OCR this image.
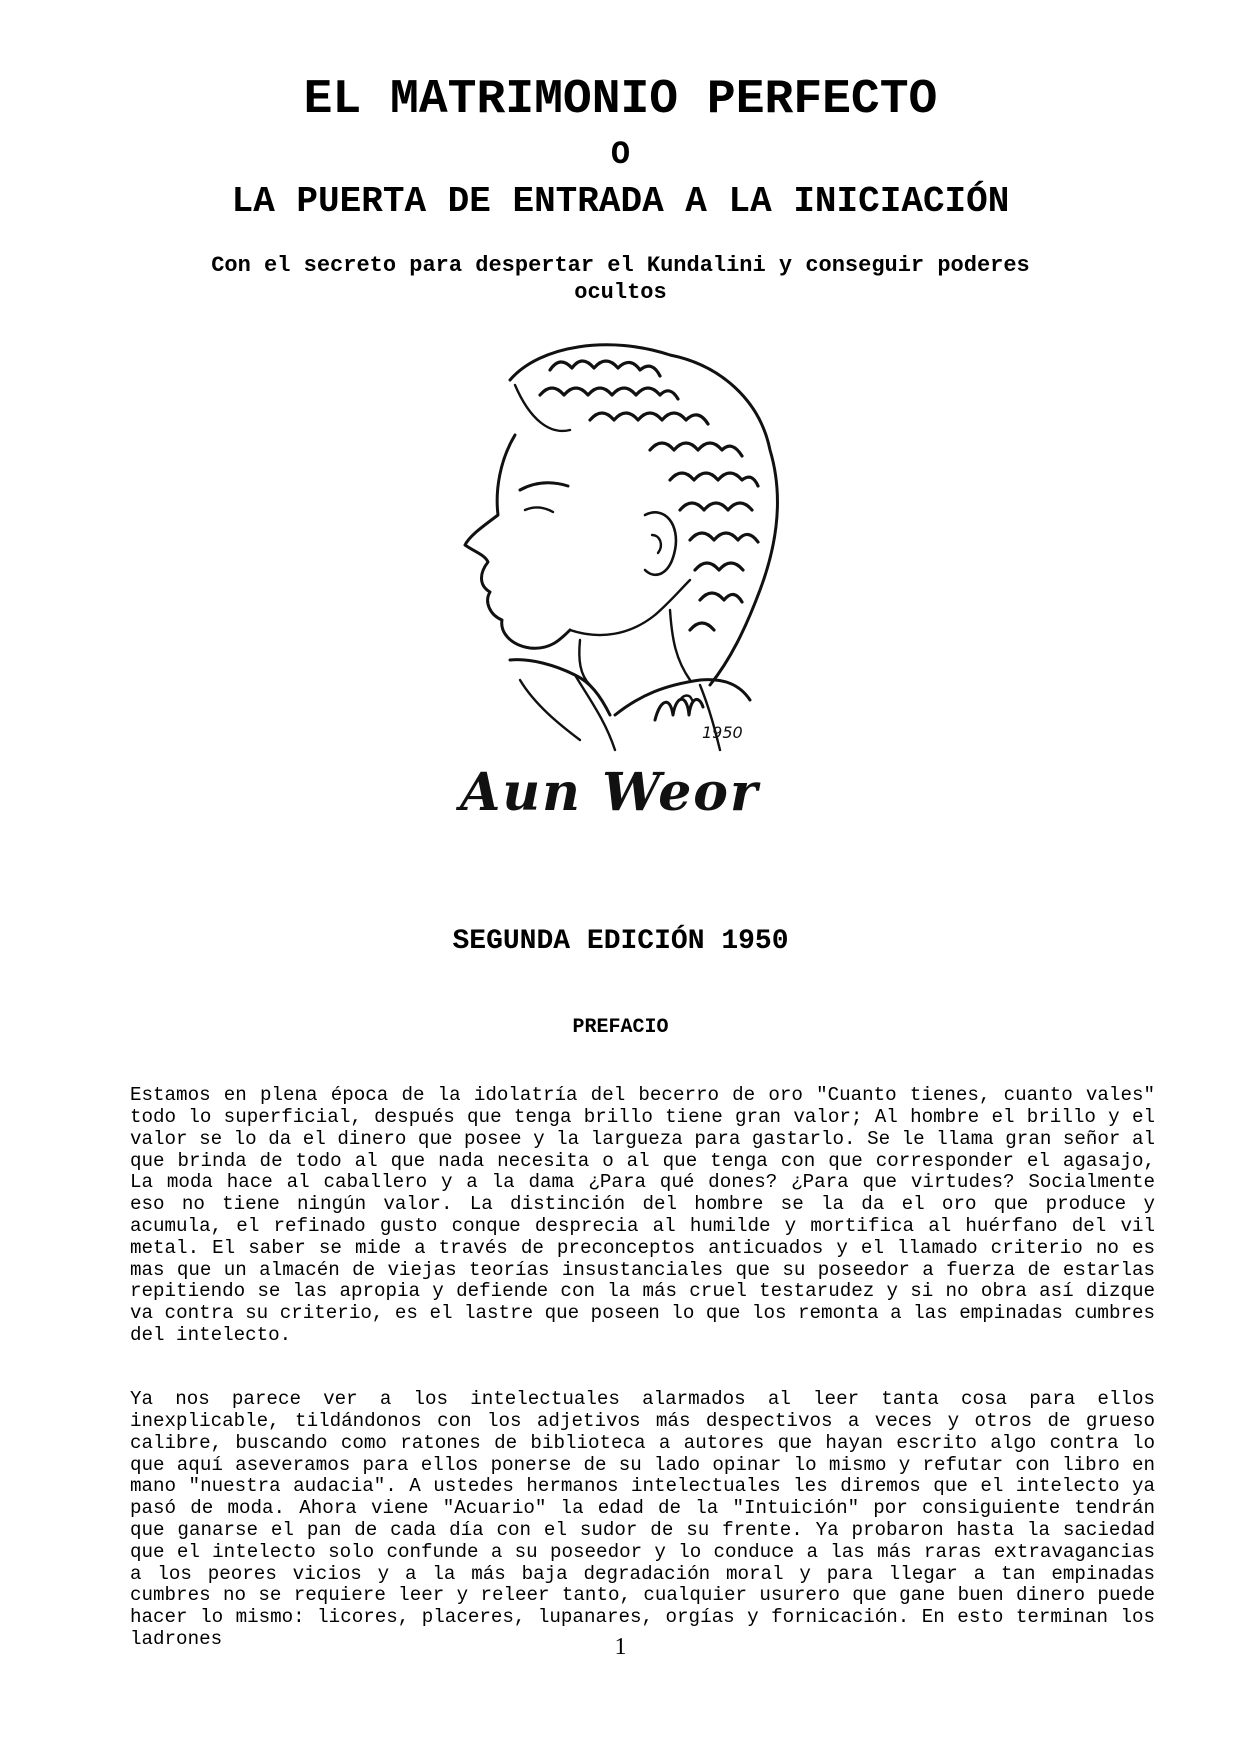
EL MATRIMONIO PERFECTO
O
LA PUERTA DE ENTRADA A LA INICIACIÓN
Con el secreto para despertar el Kundalini y conseguir poderes ocultos
1950
Aun Weor
SEGUNDA EDICIÓN 1950
PREFACIO

Estamos en plena época de la idolatría del becerro de oro "Cuanto tienes, cuanto vales" todo lo superficial, después que tenga brillo tiene gran valor; Al hombre el brillo y el valor se lo da el dinero que posee y la largueza para gastarlo. Se le llama gran señor al que brinda de todo al que nada necesita o al que tenga con que corresponder el agasajo, La moda hace al caballero y a la dama ¿Para qué dones? ¿Para que virtudes? Socialmente eso no tiene ningún valor. La distinción del hombre se la da el oro que produce y acumula, el refinado gusto conque desprecia al humilde y mortifica al huérfano del vil metal. El saber se mide a través de preconceptos anticuados y el llamado criterio no es mas que un almacén de viejas teorías insustanciales que su poseedor a fuerza de estarlas repitiendo se las apropia y defiende con la más cruel testarudez y si no obra así dizque va contra su criterio, es el lastre que poseen lo que los remonta a las empinadas cumbres del intelecto.

Ya nos parece ver a los intelectuales alarmados al leer tanta cosa para ellos inexplicable, tildándonos con los adjetivos más despectivos a veces y otros de grueso calibre, buscando como ratones de biblioteca a autores que hayan escrito algo contra lo que aquí aseveramos para ellos ponerse de su lado opinar lo mismo y refutar con libro en mano "nuestra audacia". A ustedes hermanos intelectuales les diremos que el intelecto ya pasó de moda. Ahora viene "Acuario" la edad de la "Intuición" por consiguiente tendrán que ganarse el pan de cada día con el sudor de su frente. Ya probaron hasta la saciedad que el intelecto solo confunde a su poseedor y lo conduce a las más raras extravagancias a los peores vicios y a la más baja degradación moral y para llegar a tan empinadas cumbres no se requiere leer y releer tanto, cualquier usurero que gane buen dinero puede hacer lo mismo: licores, placeres, lupanares, orgías y fornicación. En esto terminan los ladrones	1
